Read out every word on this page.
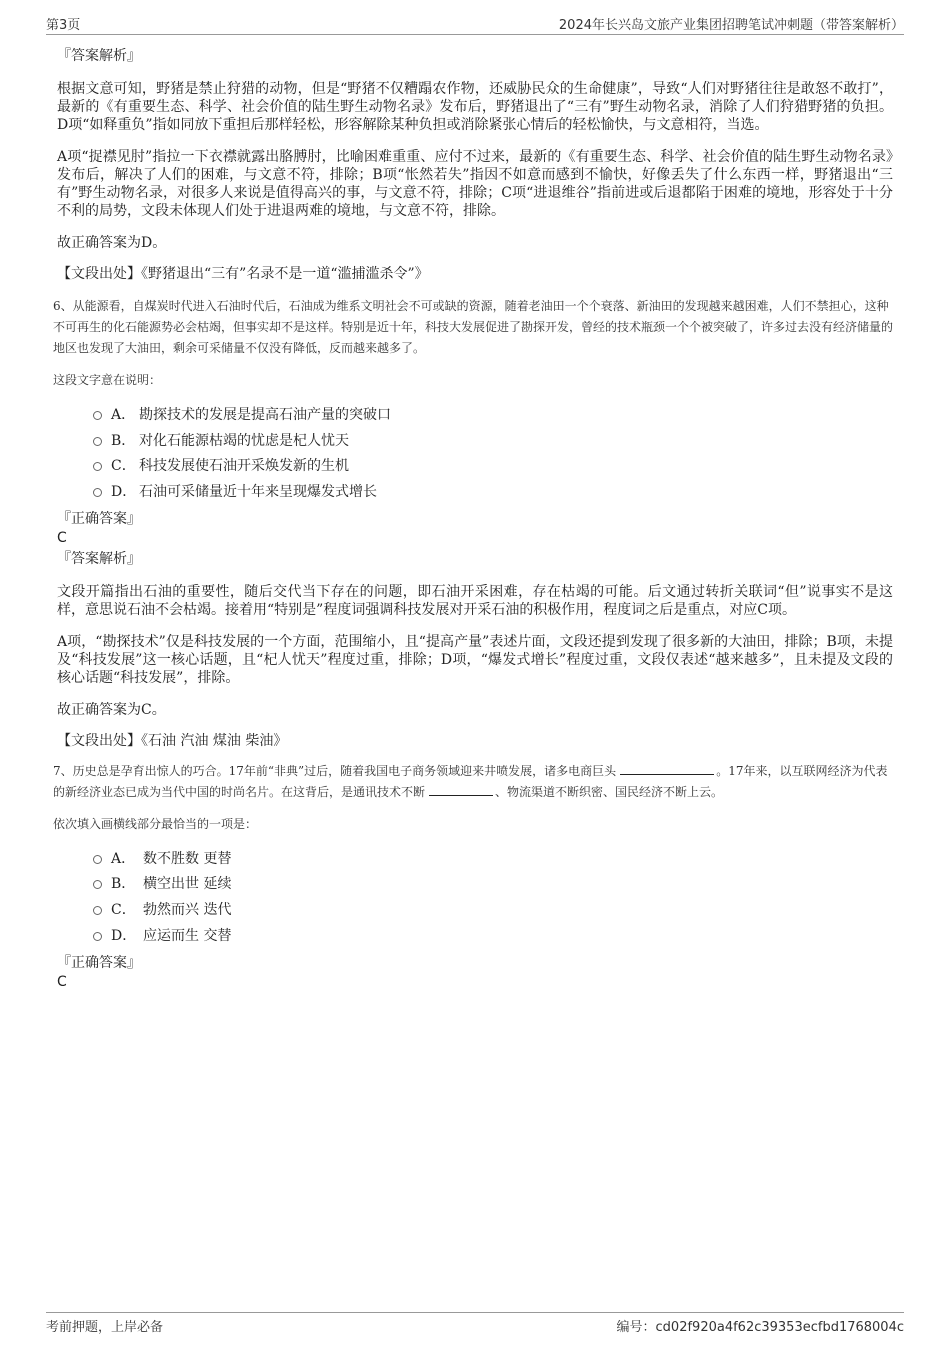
第3页	2024年长兴岛文旅产业集团招聘笔试冲刺题（带答案解析）

『答案解析』

根据文意可知，野猪是禁止狩猎的动物，但是“野猪不仅糟蹋农作物，还威胁民众的生命健康”，导致“人们对野猪往往是敢怒不敢打”，最新的《有重要生态、科学、社会价值的陆生野生动物名录》发布后，野猪退出了“三有”野生动物名录，消除了人们狩猎野猪的负担。D项“如释重负”指如同放下重担后那样轻松，形容解除某种负担或消除紧张心情后的轻松愉快，与文意相符，当选。

A项“捉襟见肘”指拉一下衣襟就露出胳膊肘，比喻困难重重、应付不过来，最新的《有重要生态、科学、社会价值的陆生野生动物名录》发布后，解决了人们的困难，与文意不符，排除；B项“怅然若失”指因不如意而感到不愉快，好像丢失了什么东西一样，野猪退出“三有”野生动物名录，对很多人来说是值得高兴的事，与文意不符，排除；C项“进退维谷”指前进或后退都陷于困难的境地，形容处于十分不利的局势，文段未体现人们处于进退两难的境地，与文意不符，排除。

故正确答案为D。

【文段出处】《野猪退出“三有”名录不是一道“滥捕滥杀令”》

6、从能源看，自煤炭时代进入石油时代后，石油成为维系文明社会不可或缺的资源，随着老油田一个个衰落、新油田的发现越来越困难，人们不禁担心，这种不可再生的化石能源势必会枯竭，但事实却不是这样。特别是近十年，科技大发展促进了勘探开发，曾经的技术瓶颈一个个被突破了，许多过去没有经济储量的地区也发现了大油田，剩余可采储量不仅没有降低，反而越来越多了。

这段文字意在说明：

A． 勘探技术的发展是提高石油产量的突破口
B． 对化石能源枯竭的忧虑是杞人忧天
C． 科技发展使石油开采焕发新的生机
D． 石油可采储量近十年来呈现爆发式增长

『正确答案』

C

『答案解析』

文段开篇指出石油的重要性，随后交代当下存在的问题，即石油开采困难，存在枯竭的可能。后文通过转折关联词“但”说事实不是这样，意思说石油不会枯竭。接着用“特别是”程度词强调科技发展对开采石油的积极作用，程度词之后是重点，对应C项。

A项，“勘探技术”仅是科技发展的一个方面，范围缩小，且“提高产量”表述片面，文段还提到发现了很多新的大油田，排除；B项，未提及“科技发展”这一核心话题，且“杞人忧天”程度过重，排除；D项，“爆发式增长”程度过重，文段仅表述“越来越多”，且未提及文段的核心话题“科技发展”，排除。

故正确答案为C。

【文段出处】《石油 汽油 煤油 柴油》

7、历史总是孕育出惊人的巧合。17年前“非典”过后，随着我国电子商务领域迎来井喷发展，诸多电商巨头	。17年来，以互联网经济为代表的新经济业态已成为当代中国的时尚名片。在这背后，是通讯技术不断	、物流渠道不断织密、国民经济不断上云。

依次填入画横线部分最恰当的一项是：

A． 数不胜数 更替
B． 横空出世 延续
C． 勃然而兴 迭代
D． 应运而生 交替

『正确答案』

C

考前押题，上岸必备	编号：cd02f920a4f62c39353ecfbd1768004c
